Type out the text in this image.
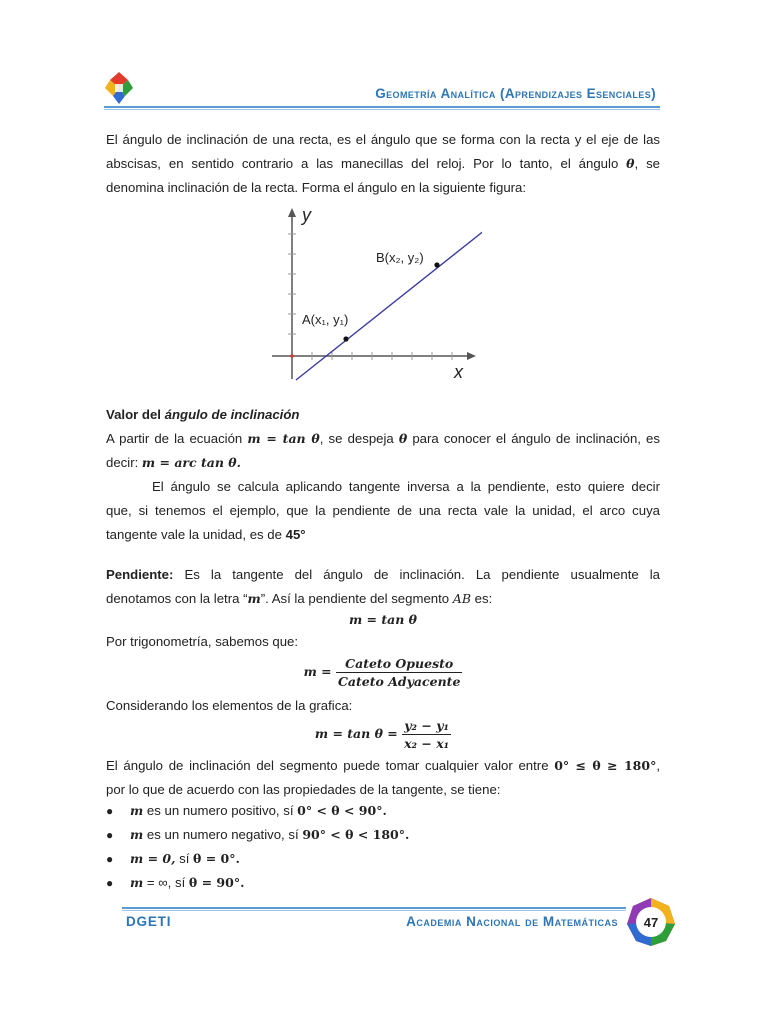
Geometría Analítica (Aprendizajes Esenciales)
El ángulo de inclinación de una recta, es el ángulo que se forma con la recta y el eje de las
abscisas, en sentido contrario a las manecillas del reloj. Por lo tanto, el ángulo θ, se
denomina inclinación de la recta. Forma el ángulo en la siguiente figura:
y
x
B(x₂, y₂)
A(x₁, y₁)
Valor del ángulo de inclinación
A partir de la ecuación m = tan θ, se despeja θ para conocer el ángulo de inclinación, es
decir: m = arc tan θ.
El ángulo se calcula aplicando tangente inversa a la pendiente, esto quiere decir
que, si tenemos el ejemplo, que la pendiente de una recta vale la unidad, el arco cuya
tangente vale la unidad, es de 45°
Pendiente: Es la tangente del ángulo de inclinación. La pendiente usualmente la
denotamos con la letra “m”. Así la pendiente del segmento AB es:
m = tan θ
Por trigonometría, sabemos que:
$m = \frac{\text{Cateto Opuesto}}{\text{Cateto Adyacente}}$
Considerando los elementos de la grafica:
$m = \tan \theta = \frac{\text{y₂ − y₁}}{\text{x₂ − x₁}}$
El ángulo de inclinación del segmento puede tomar cualquier valor entre 0° ≤ θ ≥ 180°,
por lo que de acuerdo con las propiedades de la tangente, se tiene:
● m es un numero positivo, sí 0° < θ < 90°.
● m es un numero negativo, sí 90° < θ < 180°.
● m = 0, sí θ = 0°.
● m = ∞, sí θ = 90°.
DGETI	Academia Nacional de Matemáticas 47
